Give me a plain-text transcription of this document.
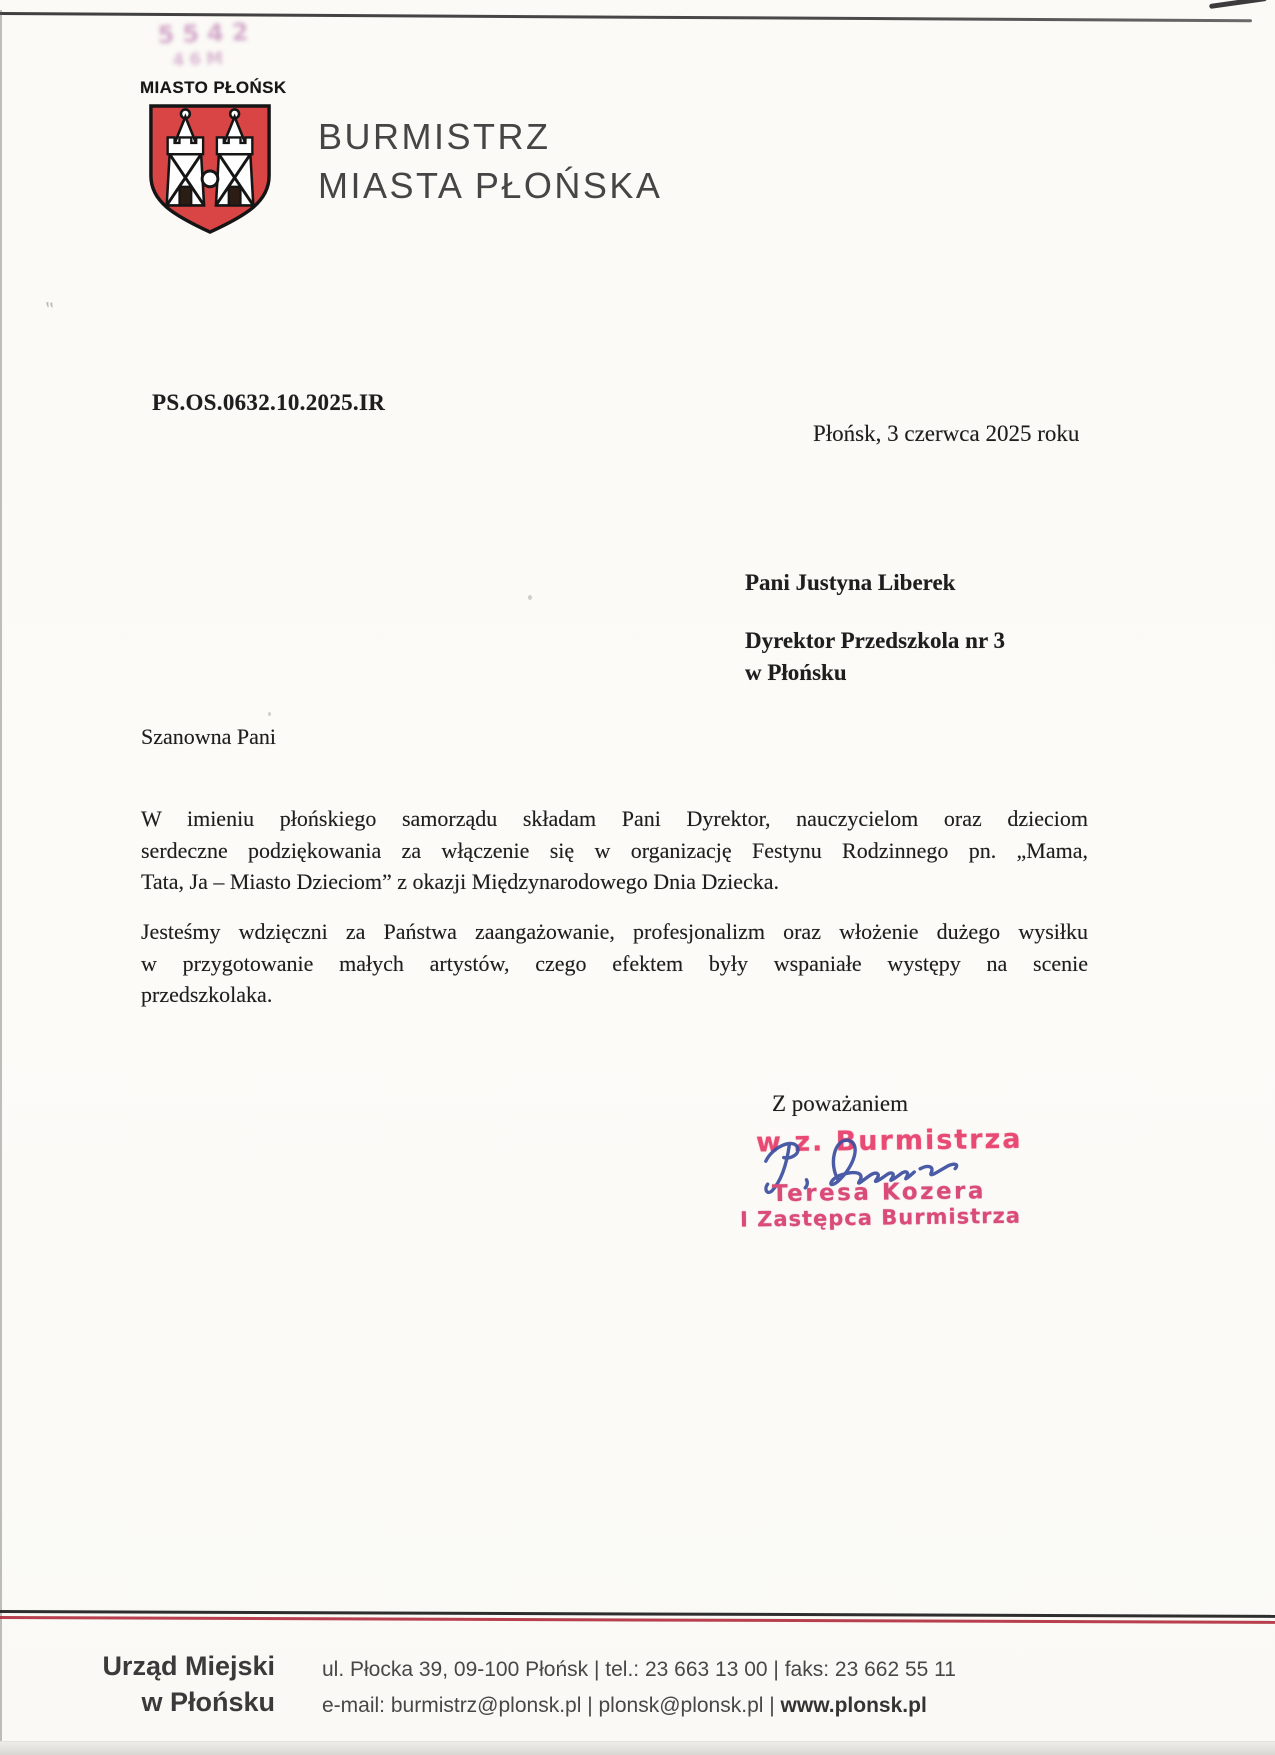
5542
46M
‟
MIASTO PŁOŃSK
BURMISTRZ
MIASTA PŁOŃSKA
PS.OS.0632.10.2025.IR
Płońsk, 3 czerwca 2025 roku
Pani Justyna Liberek
Dyrektor Przedszkola nr 3
w Płońsku
Szanowna Pani
W imieniu płońskiego samorządu składam Pani Dyrektor, nauczycielom oraz dzieciom
serdeczne podziękowania za włączenie się w organizację Festynu Rodzinnego pn. „Mama,
Tata, Ja – Miasto Dzieciom” z okazji Międzynarodowego Dnia Dziecka.
Jesteśmy wdzięczni za Państwa zaangażowanie, profesjonalizm oraz włożenie dużego wysiłku
w przygotowanie małych artystów, czego efektem były wspaniałe występy na scenie
przedszkolaka.
Z poważaniem
w z. Burmistrza
Teresa Kozera
I Zastępca Burmistrza
Urząd Miejski
w Płońsku
ul. Płocka 39, 09-100 Płońsk | tel.: 23 663 13 00 | faks: 23 662 55 11
e-mail: burmistrz@plonsk.pl | plonsk@plonsk.pl | www.plonsk.pl
